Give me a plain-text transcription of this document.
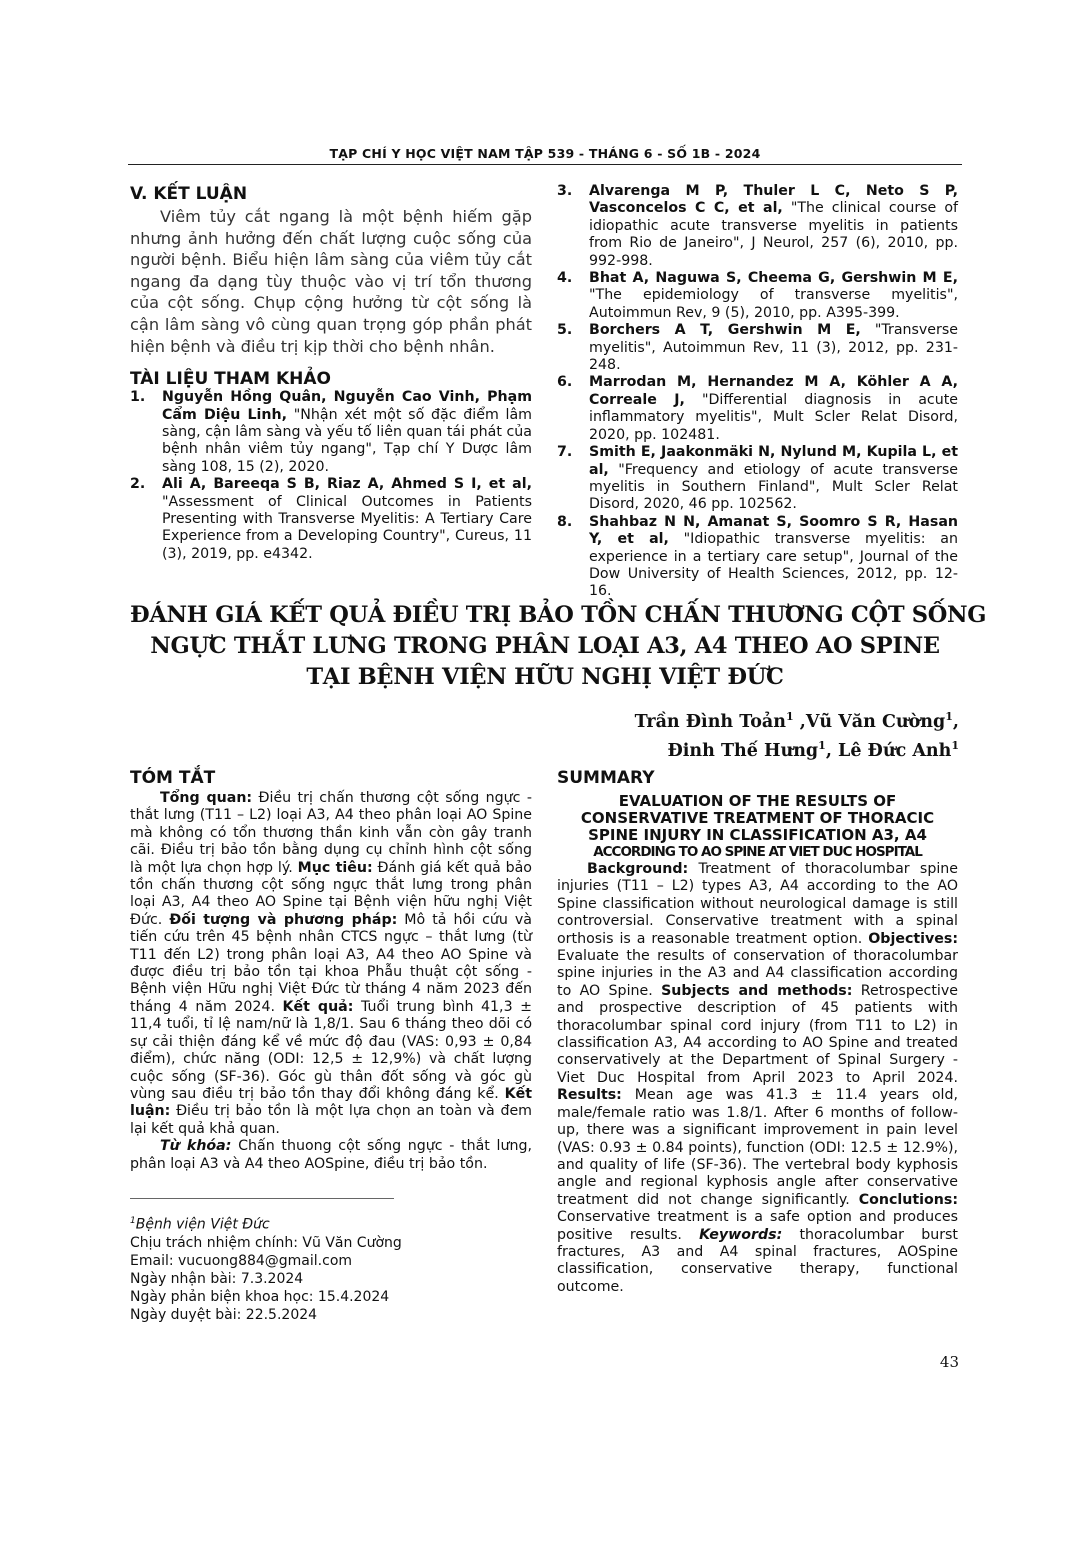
TẠP CHÍ Y HỌC VIỆT NAM TẬP 539 - THÁNG 6 - SỐ 1B - 2024
V. KẾT LUẬN

Viêm tủy cắt ngang là một bệnh hiếm gặp nhưng ảnh hưởng đến chất lượng cuộc sống của người bệnh. Biểu hiện lâm sàng của viêm tủy cắt ngang đa dạng tùy thuộc vào vị trí tổn thương của cột sống. Chụp cộng hưởng từ cột sống là cận lâm sàng vô cùng quan trọng góp phần phát hiện bệnh và điều trị kịp thời cho bệnh nhân.

TÀI LIỆU THAM KHẢO
1. Nguyễn Hồng Quân, Nguyễn Cao Vinh, Phạm Cẩm Diệu Linh, "Nhận xét một số đặc điểm lâm sàng, cận lâm sàng và yếu tố liên quan tái phát của bệnh nhân viêm tủy ngang", Tạp chí Y Dược lâm sàng 108, 15 (2), 2020.
2. Ali A, Bareeqa S B, Riaz A, Ahmed S I, et al, "Assessment of Clinical Outcomes in Patients Presenting with Transverse Myelitis: A Tertiary Care Experience from a Developing Country", Cureus, 11 (3), 2019, pp. e4342.
3. Alvarenga M P, Thuler L C, Neto S P, Vasconcelos C C, et al, "The clinical course of idiopathic acute transverse myelitis in patients from Rio de Janeiro", J Neurol, 257 (6), 2010, pp. 992-998.
4. Bhat A, Naguwa S, Cheema G, Gershwin M E, "The epidemiology of transverse myelitis", Autoimmun Rev, 9 (5), 2010, pp. A395-399.
5. Borchers A T, Gershwin M E, "Transverse myelitis", Autoimmun Rev, 11 (3), 2012, pp. 231-248.
6. Marrodan M, Hernandez M A, Köhler A A, Correale J, "Differential diagnosis in acute inflammatory myelitis", Mult Scler Relat Disord, 2020, pp. 102481.
7. Smith E, Jaakonmäki N, Nylund M, Kupila L, et al, "Frequency and etiology of acute transverse myelitis in Southern Finland", Mult Scler Relat Disord, 2020, 46 pp. 102562.
8. Shahbaz N N, Amanat S, Soomro S R, Hasan Y, et al, "Idiopathic transverse myelitis: an experience in a tertiary care setup", Journal of the Dow University of Health Sciences, 2012, pp. 12-16.
ĐÁNH GIÁ KẾT QUẢ ĐIỀU TRỊ BẢO TỒN CHẤN THƯƠNG CỘT SỐNG
NGỰC THẮT LƯNG TRONG PHÂN LOẠI A3, A4 THEO AO SPINE
TẠI BỆNH VIỆN HỮU NGHỊ VIỆT ĐỨC
Trần Đình Toản$^1$ ,Vũ Văn Cường$^1$,
Đinh Thế Hưng$^1$, Lê Đức Anh$^1$
TÓM TẮT

Tổng quan: Điều trị chấn thương cột sống ngực - thắt lưng (T11 – L2) loại A3, A4 theo phân loại AO Spine mà không có tổn thương thần kinh vẫn còn gây tranh cãi. Điều trị bảo tồn bằng dụng cụ chỉnh hình cột sống là một lựa chọn hợp lý. Mục tiêu: Đánh giá kết quả bảo tồn chấn thương cột sống ngực thắt lưng trong phân loại A3, A4 theo AO Spine tại Bệnh viện hữu nghị Việt Đức. Đối tượng và phương pháp: Mô tả hồi cứu và tiến cứu trên 45 bệnh nhân CTCS ngực – thắt lưng (từ T11 đến L2) trong phân loại A3, A4 theo AO Spine và được điều trị bảo tồn tại khoa Phẫu thuật cột sống - Bệnh viện Hữu nghị Việt Đức từ tháng 4 năm 2023 đến tháng 4 năm 2024. Kết quả: Tuổi trung bình 41,3 ± 11,4 tuổi, tỉ lệ nam/nữ là 1,8/1. Sau 6 tháng theo dõi có sự cải thiện đáng kể về mức độ đau (VAS: 0,93 ± 0,84 điểm), chức năng (ODI: 12,5 ± 12,9%) và chất lượng cuộc sống (SF-36). Góc gù thân đốt sống và góc gù vùng sau điều trị bảo tồn thay đổi không đáng kể. Kết luận: Điều trị bảo tồn là một lựa chọn an toàn và đem lại kết quả khả quan.

Từ khóa: Chấn thuong cột sống ngực - thắt lưng, phân loại A3 và A4 theo AOSpine, điều trị bảo tồn.

$^1$Bệnh viện Việt Đức
Chịu trách nhiệm chính: Vũ Văn Cường
Email: vucuong884@gmail.com
Ngày nhận bài: 7.3.2024
Ngày phản biện khoa học: 15.4.2024
Ngày duyệt bài: 22.5.2024
SUMMARY
EVALUATION OF THE RESULTS OF
CONSERVATIVE TREATMENT OF THORACIC
SPINE INJURY IN CLASSIFICATION A3, A4
ACCORDING TO AO SPINE AT VIET DUC HOSPITAL

Background: Treatment of thoracolumbar spine injuries (T11 – L2) types A3, A4 according to the AO Spine classification without neurological damage is still controversial. Conservative treatment with a spinal orthosis is a reasonable treatment option. Objectives: Evaluate the results of conservation of thoracolumbar spine injuries in the A3 and A4 classification according to AO Spine. Subjects and methods: Retrospective and prospective description of 45 patients with thoracolumbar spinal cord injury (from T11 to L2) in classification A3, A4 according to AO Spine and treated conservatively at the Department of Spinal Surgery - Viet Duc Hospital from April 2023 to April 2024. Results: Mean age was 41.3 ± 11.4 years old, male/female ratio was 1.8/1. After 6 months of follow-up, there was a significant improvement in pain level (VAS: 0.93 ± 0.84 points), function (ODI: 12.5 ± 12.9%), and quality of life (SF-36). The vertebral body kyphosis angle and regional kyphosis angle after conservative treatment did not change significantly. Conclutions: Conservative treatment is a safe option and produces positive results. Keywords: thoracolumbar burst fractures, A3 and A4 spinal fractures, AOSpine classification, conservative therapy, functional outcome.

43
